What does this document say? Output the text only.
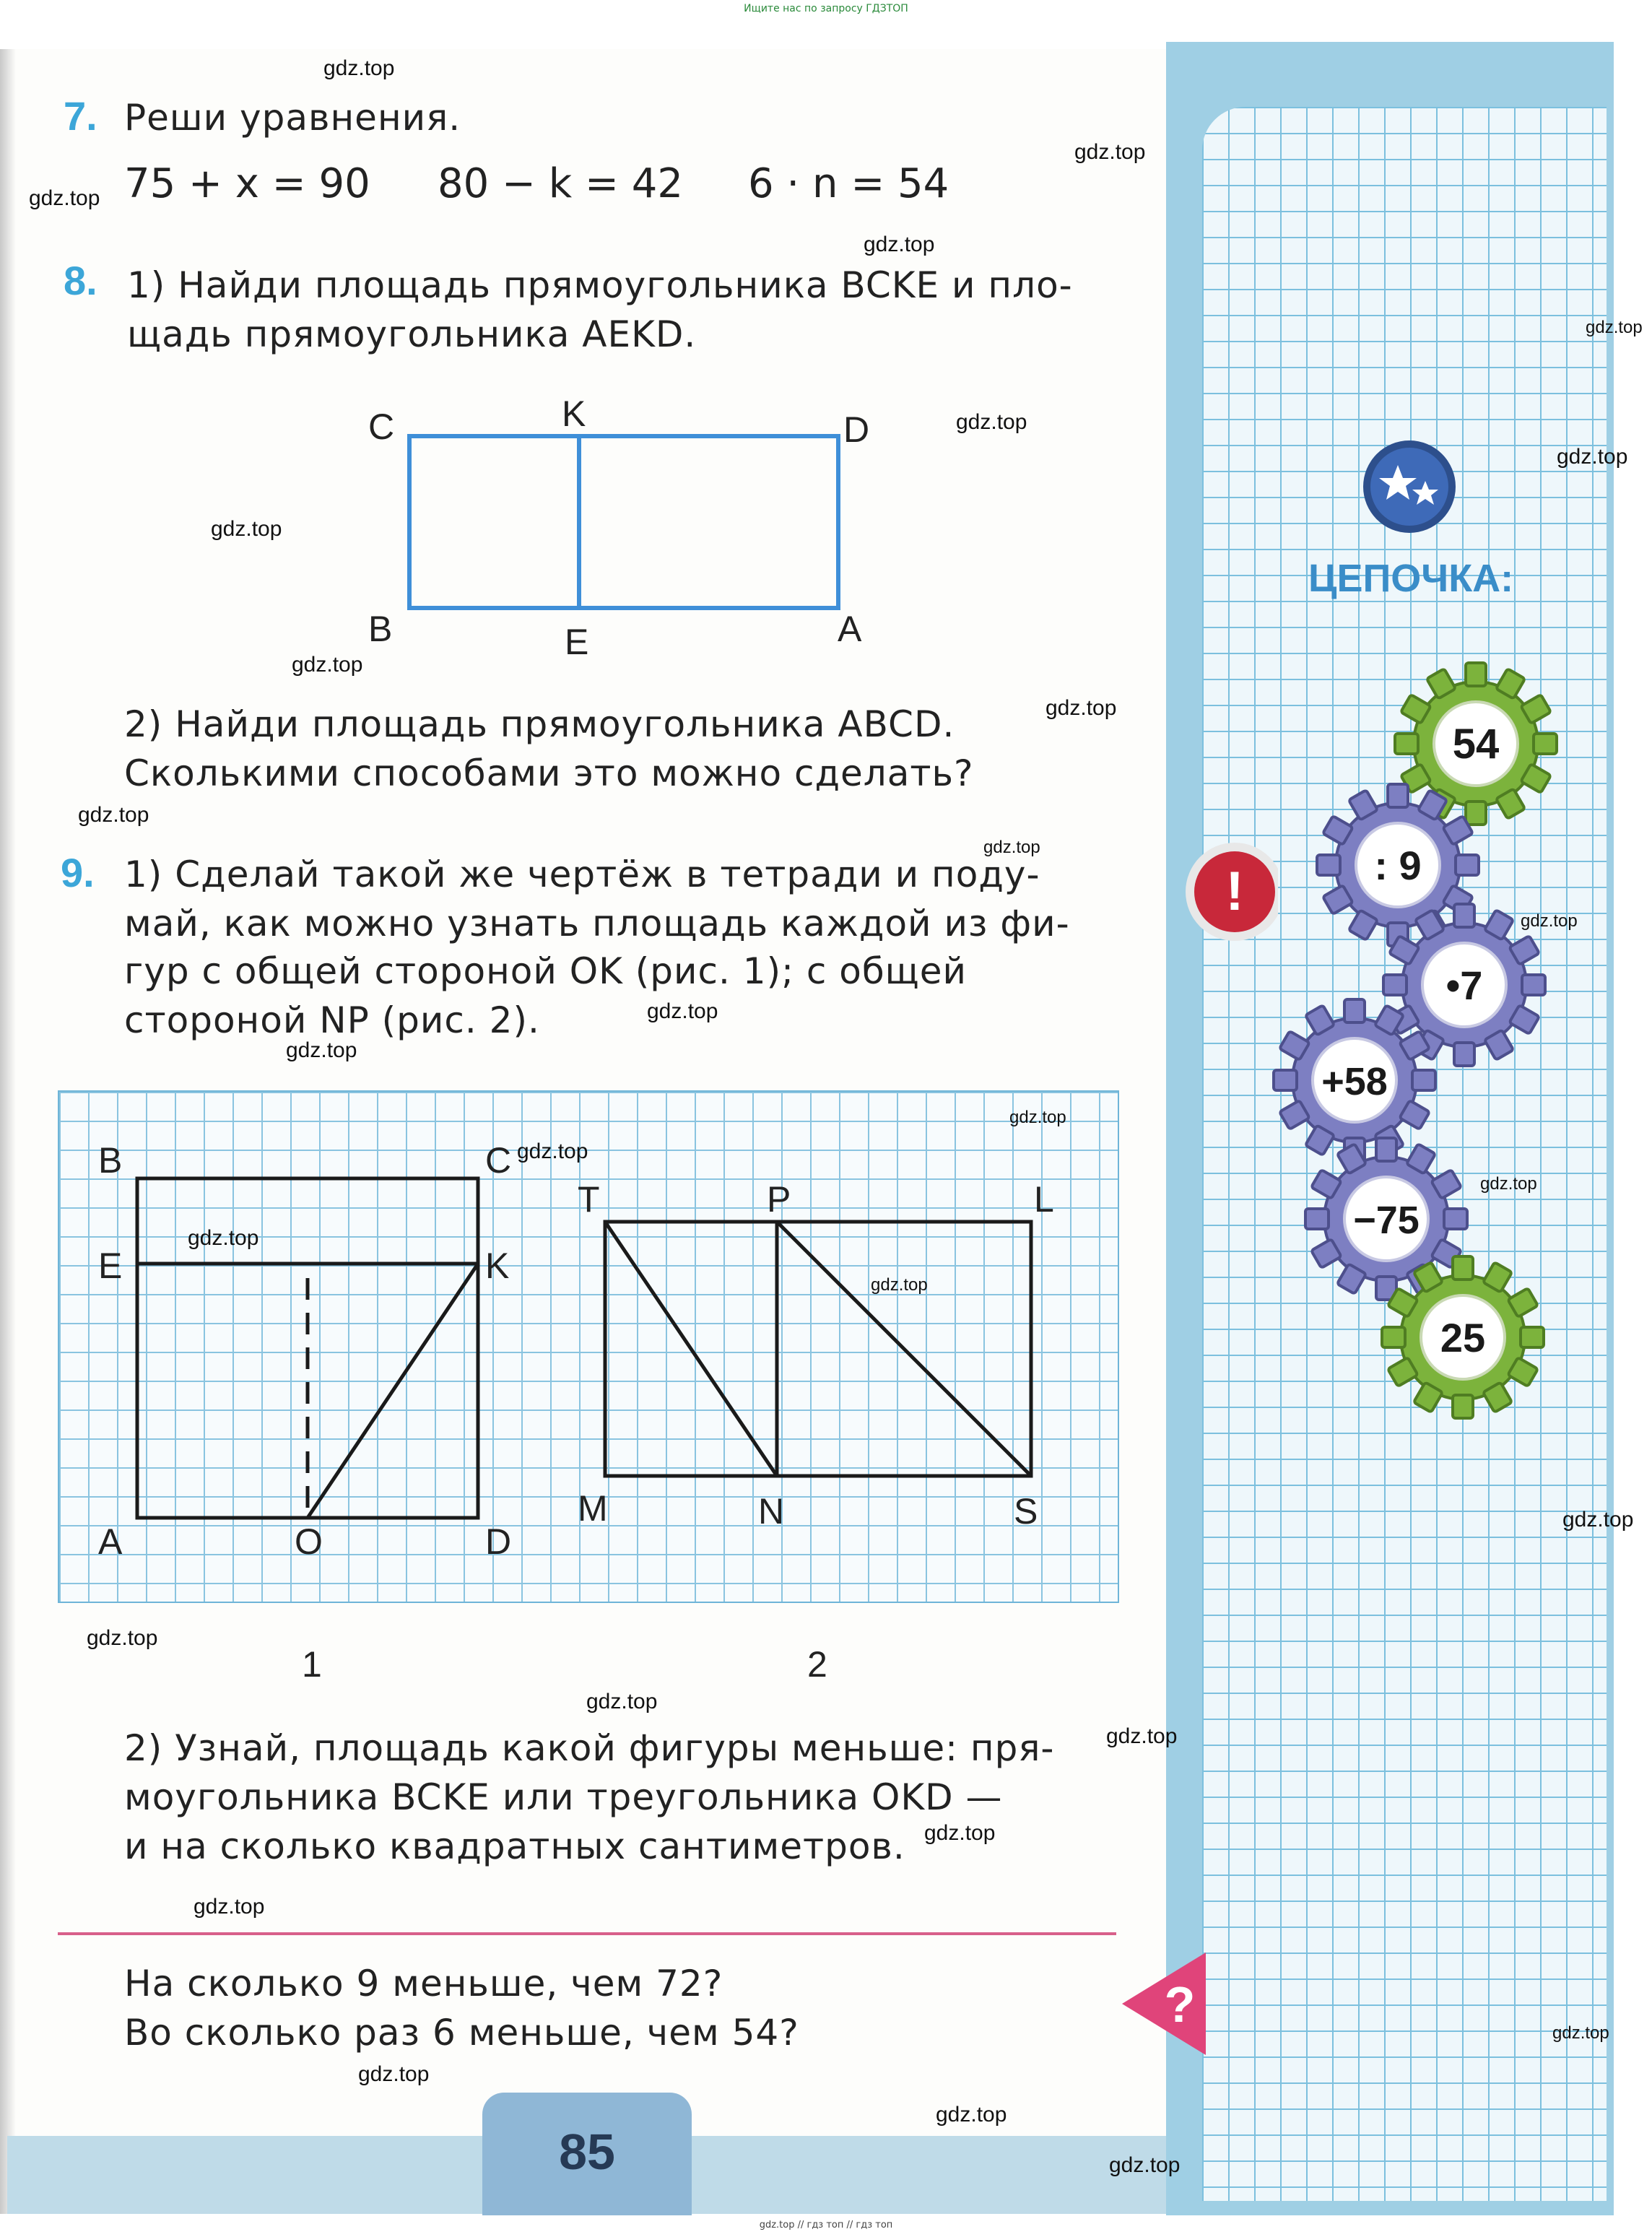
Ищите нас по запросу ГДЗТОП
7. Реши уравнения.
75 + x = 90 80 − k = 42 6 · n = 54
8. 1) Найди площадь прямоугольника BCKE и пло-
щадь прямоугольника AEKD.
C	K	D
B	E	A
2) Найди площадь прямоугольника ABCD.
Сколькими способами это можно сделать?
9. 1) Сделай такой же чертёж в тетради и поду-
май, как можно узнать площадь каждой из фи-
гур с общей стороной OK (рис. 1); с общей
стороной NP (рис. 2).
B	C
E	K
A	O	D
T	P	L
M	N	S
1	2
2) Узнай, площадь какой фигуры меньше: пря-
моугольника BCKE или треугольника OKD —
и на сколько квадратных сантиметров.
На сколько 9 меньше, чем 72?
Во сколько раз 6 меньше, чем 54?
85
ЦЕПОЧКА:
!
54
: 9
•7
+58
−75
25
?
gdz.top
gdz.top
gdz.top
gdz.top
gdz.top
gdz.top
gdz.top
gdz.top
gdz.top
gdz.top
gdz.top
gdz.top
gdz.top
gdz.top
gdz.top
gdz.top
gdz.top
gdz.top
gdz.top
gdz.top
gdz.top
gdz.top
gdz.top
gdz.top
gdz.top
gdz.top
gdz.top
gdz.top
gdz.top
gdz.top
gdz.top // гдз топ // гдз топ
